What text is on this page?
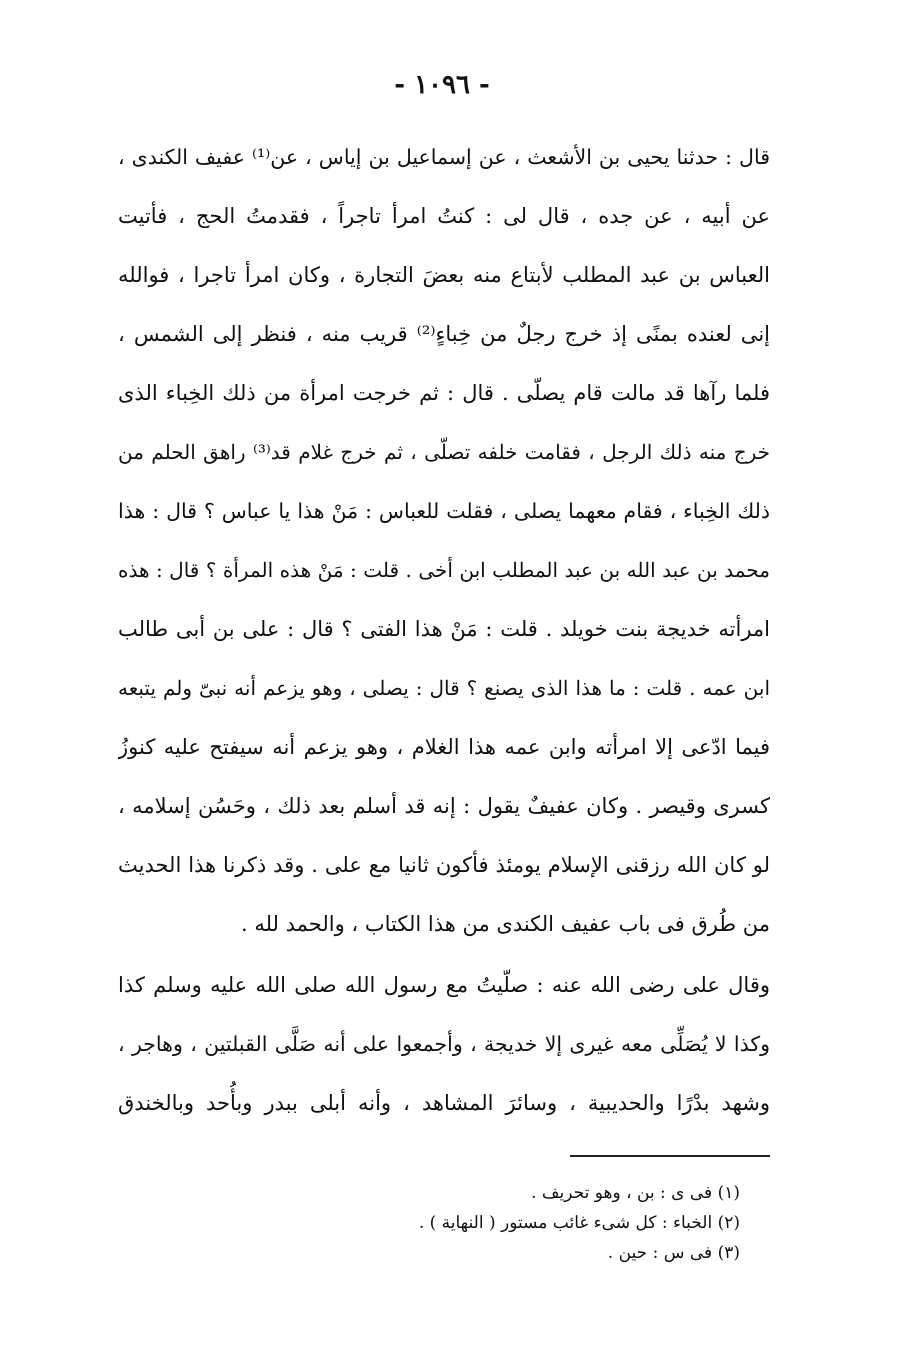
- ١٠٩٦ -
قال : حدثنا يحيى بن الأشعث ، عن إسماعيل بن إياس ، عن⁽¹⁾ عفيف الكندى ،
عن أبيه ، عن جده ، قال لى : كنتُ امرأ تاجراً ، فقدمتُ الحج ، فأتيت
العباس بن عبد المطلب لأبتاع منه بعضَ التجارة ، وكان امرأ تاجرا ، فوالله
إنى لعنده بمنًى إذ خرج رجلٌ من خِباءٍ⁽²⁾ قريب منه ، فنظر إلى الشمس ،
فلما رآها قد مالت قام يصلّى . قال : ثم خرجت امرأة من ذلك الخِباء الذى
خرج منه ذلك الرجل ، فقامت خلفه تصلّى ، ثم خرج غلام قد⁽³⁾ راهق الحلم من
ذلك الخِباء ، فقام معهما يصلى ، فقلت للعباس : مَنْ هذا يا عباس ؟ قال : هذا
محمد بن عبد الله بن عبد المطلب ابن أخى . قلت : مَنْ هذه المرأة ؟ قال : هذه
امرأته خديجة بنت خويلد . قلت : مَنْ هذا الفتى ؟ قال : على بن أبى طالب
ابن عمه . قلت : ما هذا الذى يصنع ؟ قال : يصلى ، وهو يزعم أنه نبىّ ولم يتبعه
فيما ادّعى إلا امرأته وابن عمه هذا الغلام ، وهو يزعم أنه سيفتح عليه كنوزُ
كسرى وقيصر . وكان عفيفٌ يقول : إنه قد أسلم بعد ذلك ، وحَسُن إسلامه ،
لو كان الله رزقنى الإسلام يومئذ فأكون ثانيا مع على . وقد ذكرنا هذا الحديث
من طُرق فى باب عفيف الكندى من هذا الكتاب ، والحمد لله .
وقال على رضى الله عنه : صلّيتُ مع رسول الله صلى الله عليه وسلم كذا
وكذا لا يُصَلِّى معه غيرى إلا خديجة ، وأجمعوا على أنه صَلَّى القبلتين ، وهاجر ،
وشهد بدْرًا والحديبية ، وسائرَ المشاهد ، وأنه أبلى ببدر وبأُحد وبالخندق
(١) فى ى : بن ، وهو تحريف .
(٢) الخباء : كل شىء غائب مستور ( النهاية ) .
(٣) فى س : حين .
